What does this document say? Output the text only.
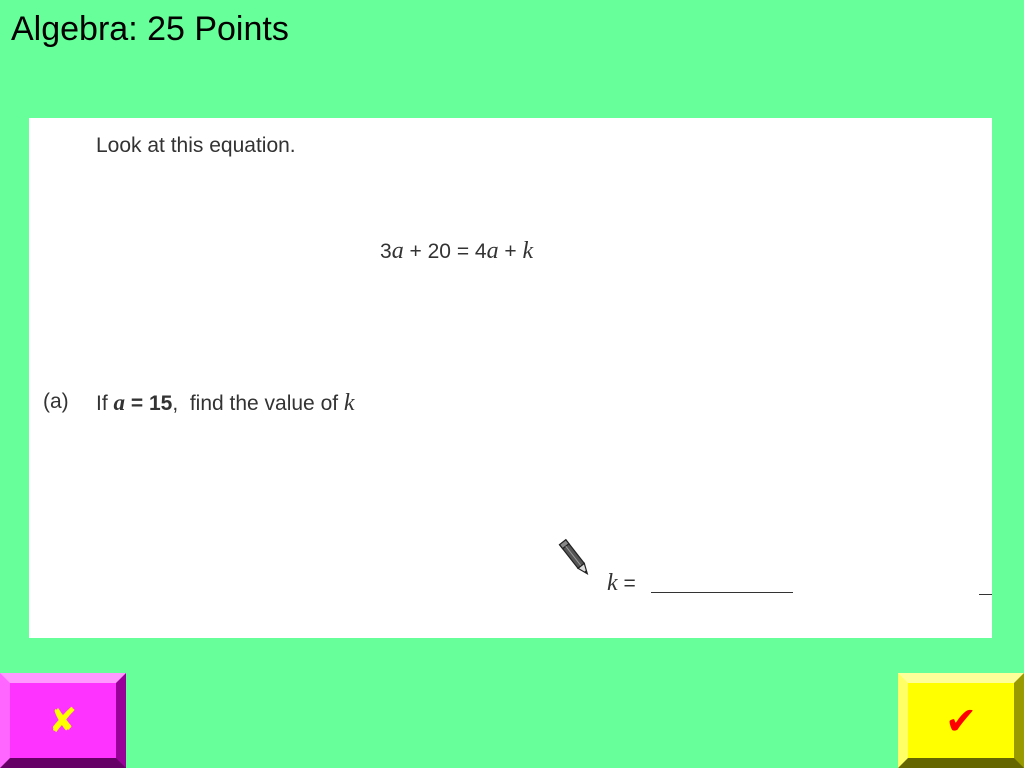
Algebra: 25 Points
Look at this equation.
3a + 20 = 4a + k
(a) If a = 15,  find the value of k
k =
✘	✔
